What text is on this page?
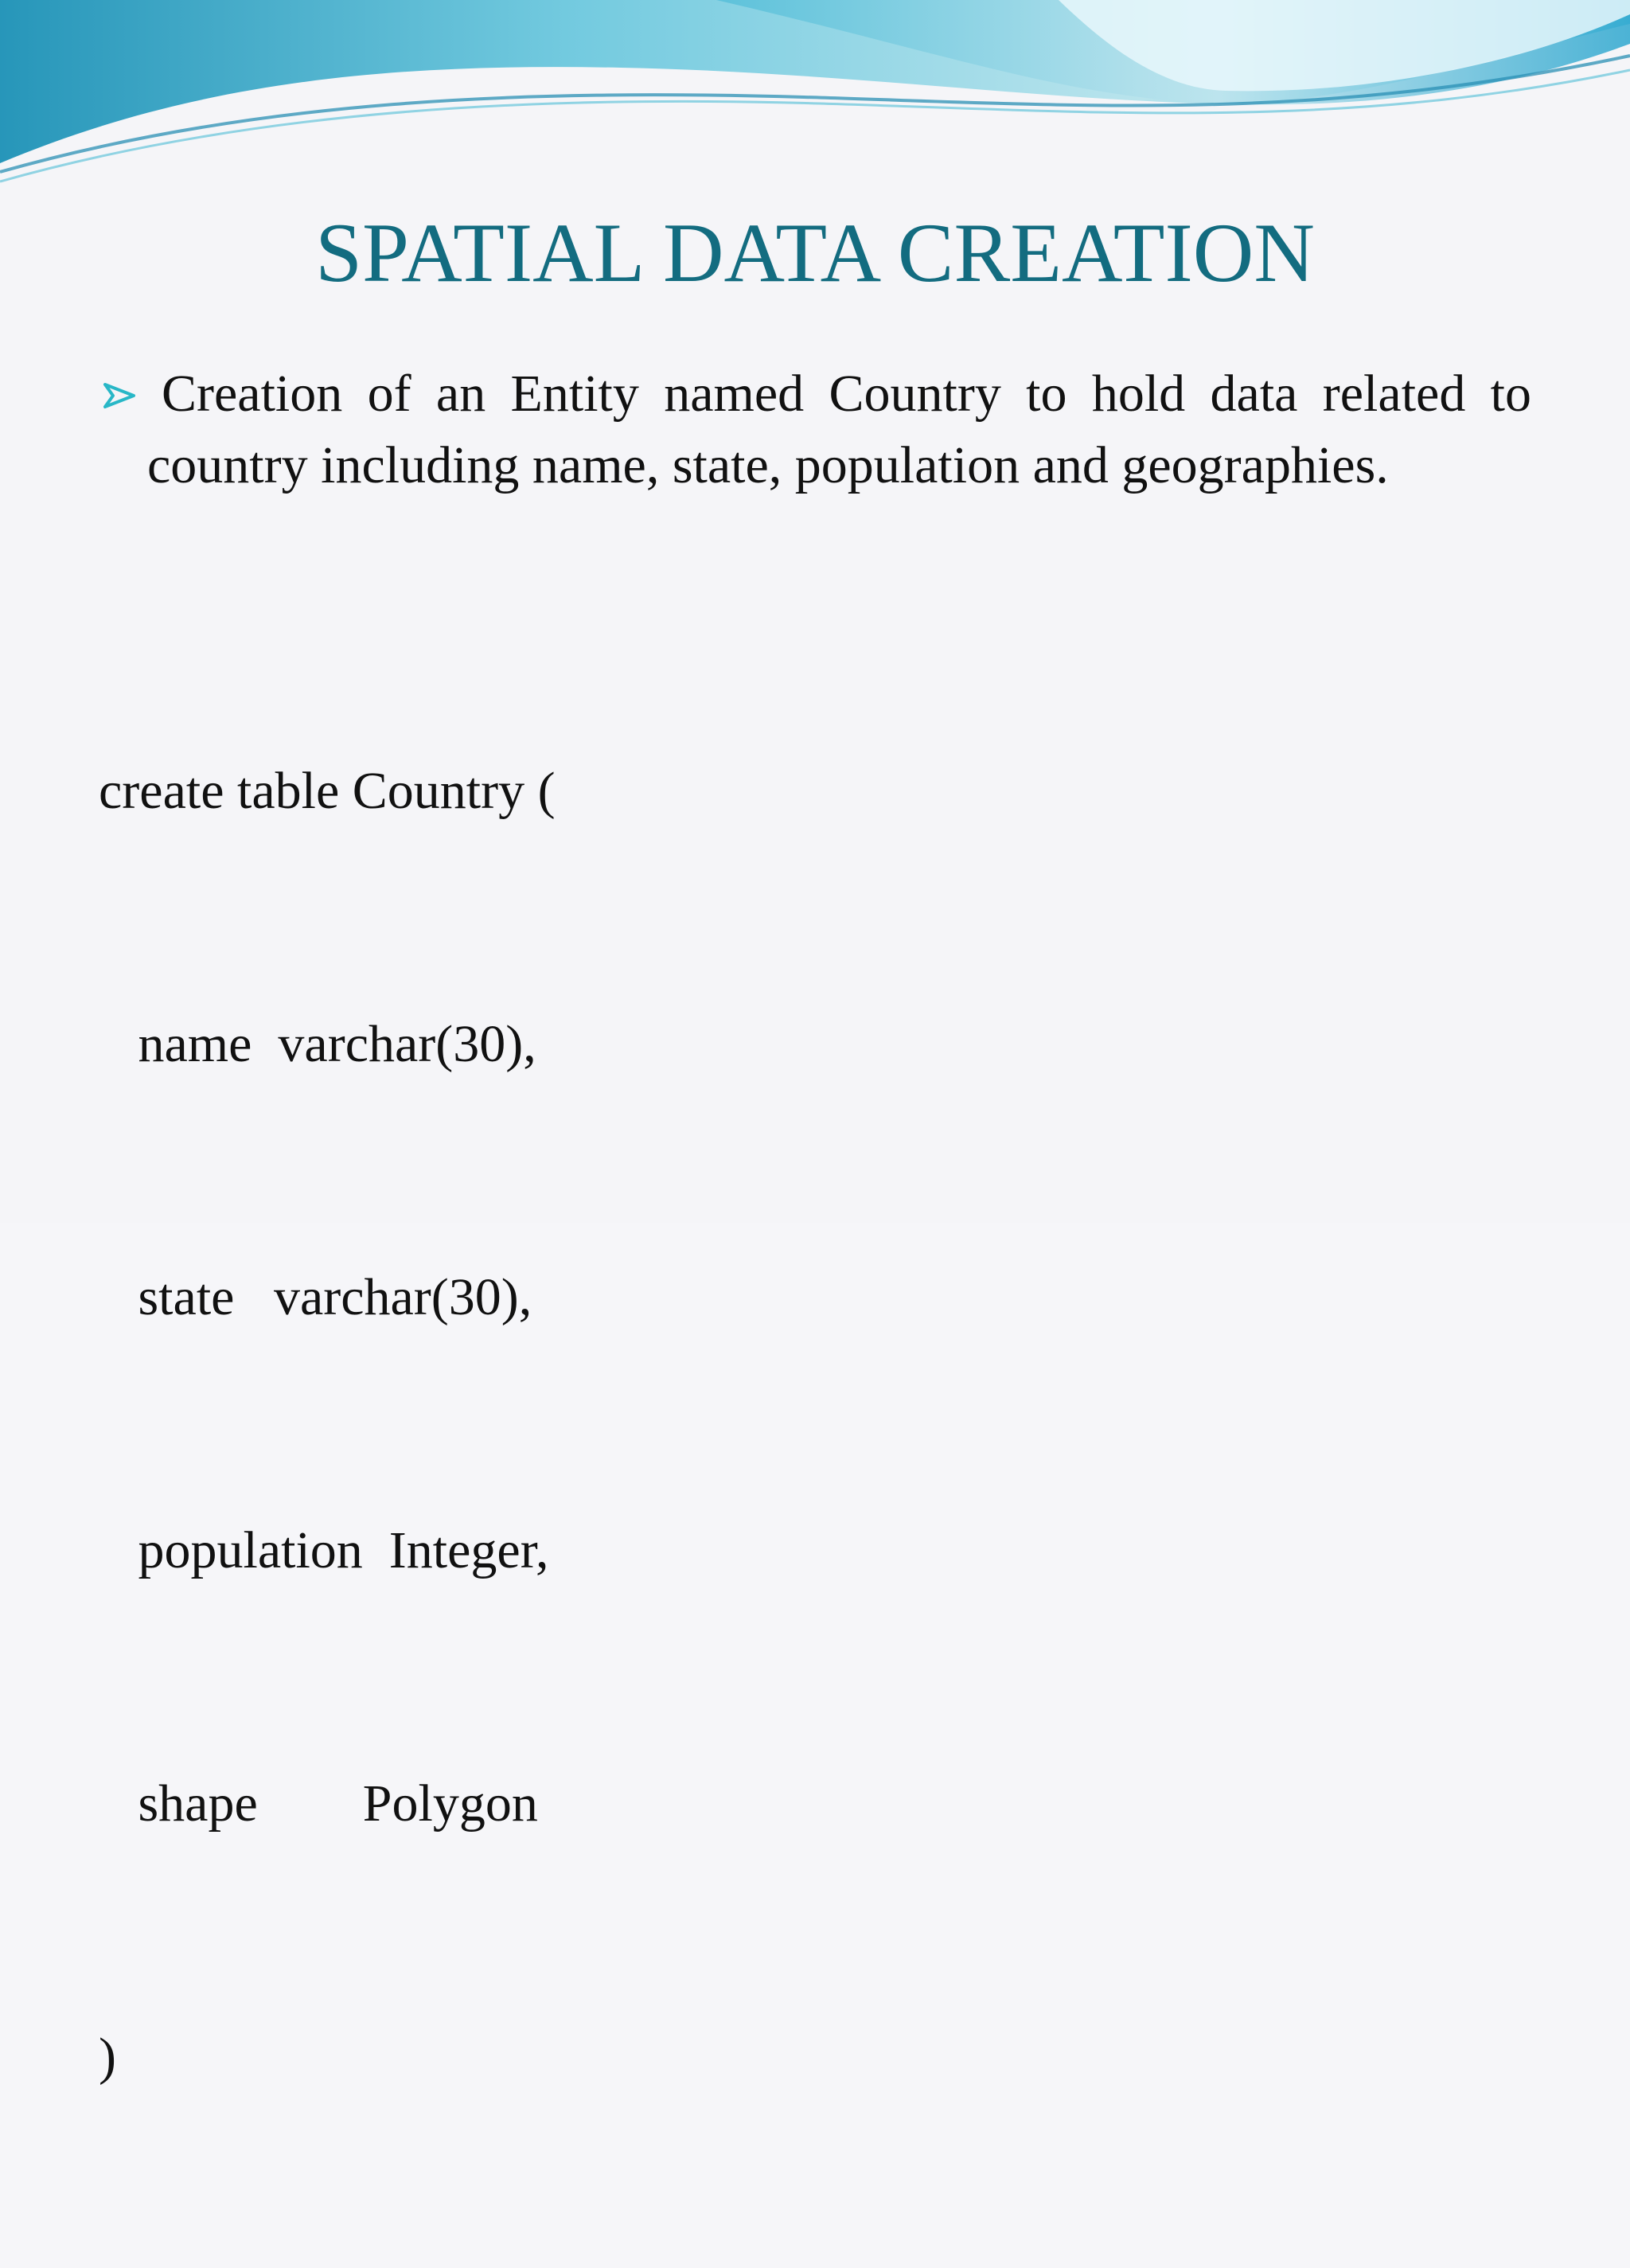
SPATIAL DATA CREATION
Creation of an Entity named Country to hold data related to country including name, state, population and geographies.

create table Country (

name  varchar(30),

state   varchar(30),

population  Integer,

shape        Polygon

)
